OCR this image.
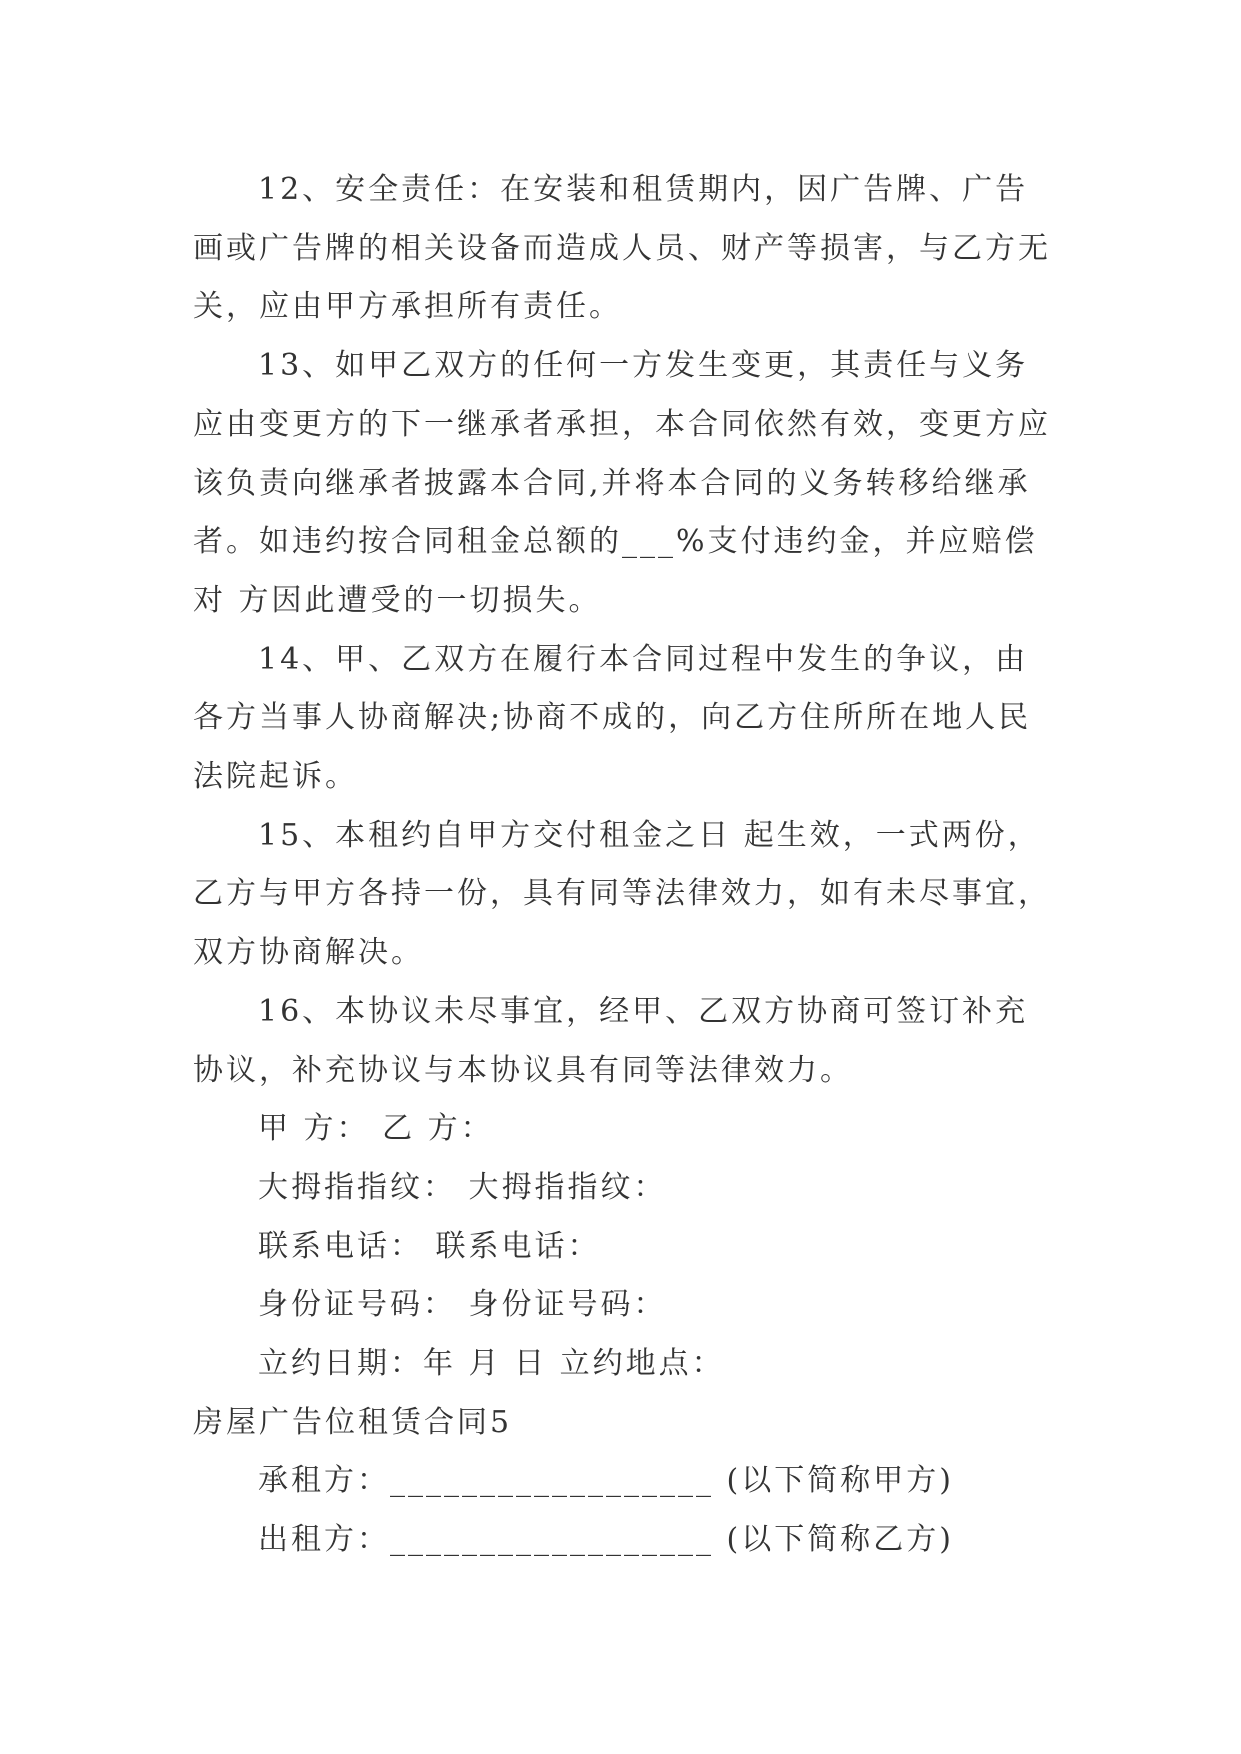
12、安全责任：在安装和租赁期内，因广告牌、广告画或广告牌的相关设备而造成人员、财产等损害，与乙方无关，应由甲方承担所有责任。

13、如甲乙双方的任何一方发生变更，其责任与义务应由变更方的下一继承者承担，本合同依然有效，变更方应该负责向继承者披露本合同,并将本合同的义务转移给继承者。如违约按合同租金总额的___%支付违约金，并应赔偿对 方因此遭受的一切损失。

14、甲、乙双方在履行本合同过程中发生的争议，由各方当事人协商解决;协商不成的，向乙方住所所在地人民法院起诉。

15、本租约自甲方交付租金之日 起生效，一式两份，乙方与甲方各持一份，具有同等法律效力，如有未尽事宜，双方协商解决。

16、本协议未尽事宜，经甲、乙双方协商可签订补充协议，补充协议与本协议具有同等法律效力。

甲 方： 乙 方：

大拇指指纹： 大拇指指纹：

联系电话： 联系电话：

身份证号码： 身份证号码：

立约日期：年 月 日 立约地点：

房屋广告位租赁合同5

承租方：__________________ (以下简称甲方)

出租方：__________________ (以下简称乙方)
